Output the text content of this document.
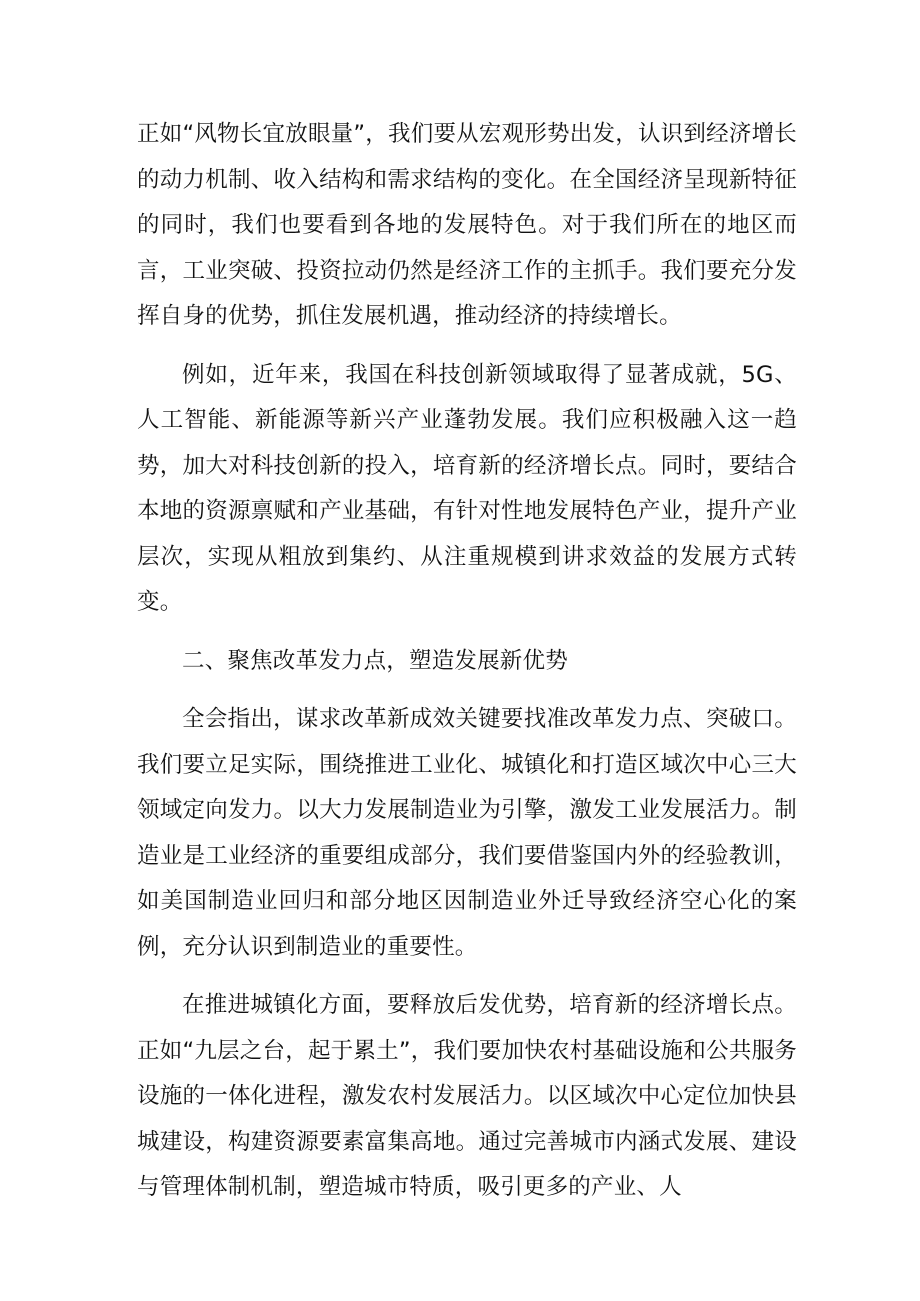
正如“风物长宜放眼量”，我们要从宏观形势出发，认识到经济增长的动力机制、收入结构和需求结构的变化。在全国经济呈现新特征的同时，我们也要看到各地的发展特色。对于我们所在的地区而言，工业突破、投资拉动仍然是经济工作的主抓手。我们要充分发挥自身的优势，抓住发展机遇，推动经济的持续增长。

例如，近年来，我国在科技创新领域取得了显著成就，5G、人工智能、新能源等新兴产业蓬勃发展。我们应积极融入这一趋势，加大对科技创新的投入，培育新的经济增长点。同时，要结合本地的资源禀赋和产业基础，有针对性地发展特色产业，提升产业层次，实现从粗放到集约、从注重规模到讲求效益的发展方式转变。

二、聚焦改革发力点，塑造发展新优势

全会指出，谋求改革新成效关键要找准改革发力点、突破口。我们要立足实际，围绕推进工业化、城镇化和打造区域次中心三大领域定向发力。以大力发展制造业为引擎，激发工业发展活力。制造业是工业经济的重要组成部分，我们要借鉴国内外的经验教训，如美国制造业回归和部分地区因制造业外迁导致经济空心化的案例，充分认识到制造业的重要性。

在推进城镇化方面，要释放后发优势，培育新的经济增长点。正如“九层之台，起于累土”，我们要加快农村基础设施和公共服务设施的一体化进程，激发农村发展活力。以区域次中心定位加快县城建设，构建资源要素富集高地。通过完善城市内涵式发展、建设与管理体制机制，塑造城市特质，吸引更多的产业、人
